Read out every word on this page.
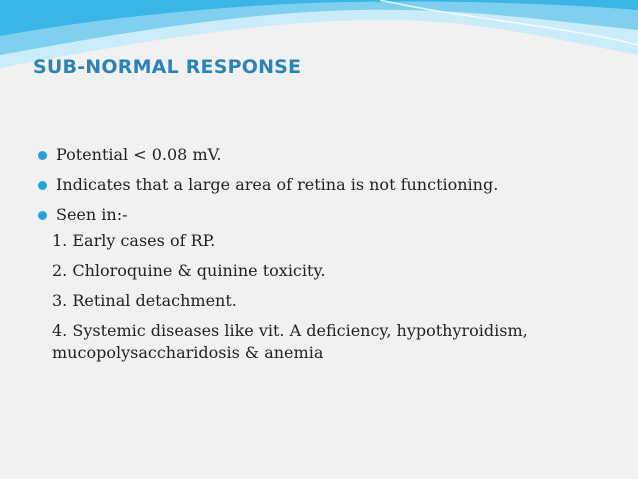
SUB-NORMAL RESPONSE
Potential < 0.08 mV.
Indicates that a large area of retina is not functioning.
Seen in:-
1. Early cases of RP.
2. Chloroquine & quinine toxicity.
3. Retinal detachment.
4. Systemic diseases like vit. A deficiency, hypothyroidism, mucopolysaccharidosis & anemia
